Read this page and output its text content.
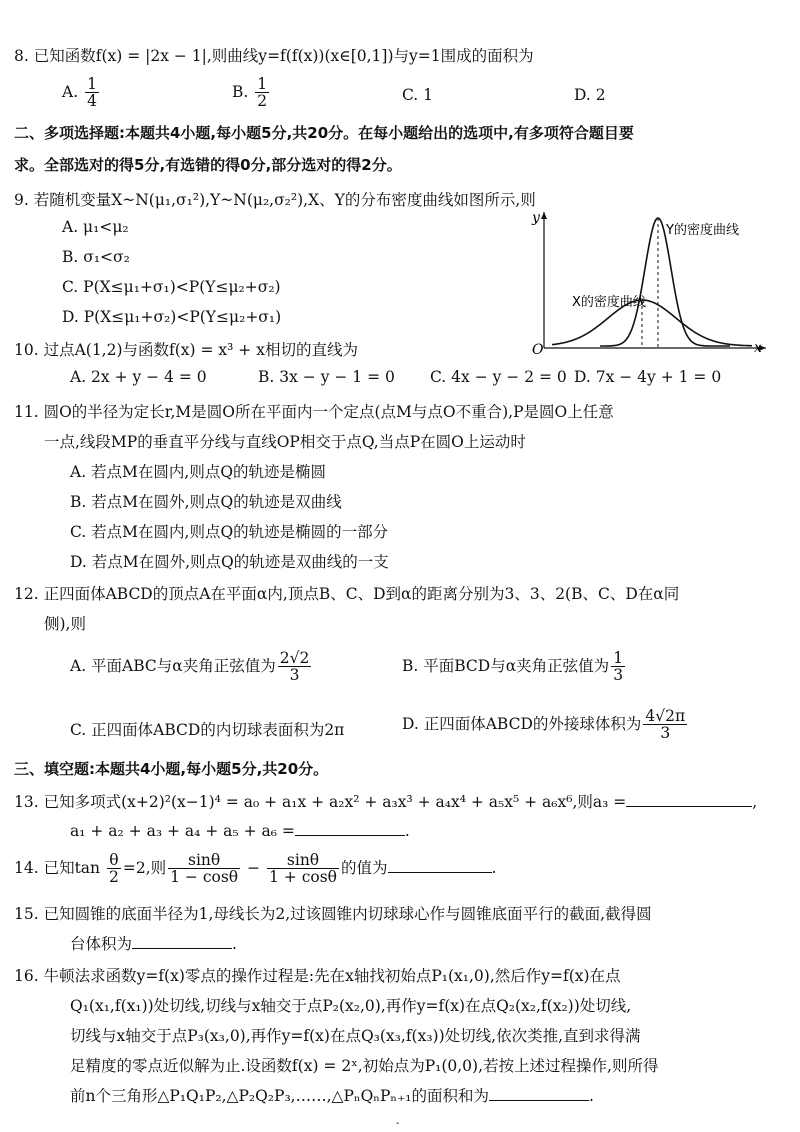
8. 已知函数f(x) = |2x − 1|,则曲线y=f(f(x))(x∈[0,1])与y=1围成的面积为
A. $\frac{1}{4}$	B. $\frac{1}{2}$	C. 1	D. 2
二、多项选择题:本题共4小题,每小题5分,共20分。在每小题给出的选项中,有多项符合题目要
求。全部选对的得5分,有选错的得0分,部分选对的得2分。
9. 若随机变量X~N(μ₁,σ₁²),Y~N(μ₂,σ₂²),X、Y的分布密度曲线如图所示,则
A. μ₁<μ₂
B. σ₁<σ₂
C. P(X≤μ₁+σ₁)<P(Y≤μ₂+σ₂)
D. P(X≤μ₁+σ₂)<P(Y≤μ₂+σ₁)
y
x
O
Y的密度曲线
X的密度曲线
10. 过点A(1,2)与函数f(x) = x³ + x相切的直线为
A. 2x + y − 4 = 0	B. 3x − y − 1 = 0 C. 4x − y − 2 = 0 D. 7x − 4y + 1 = 0
11. 圆O的半径为定长r,M是圆O所在平面内一个定点(点M与点O不重合),P是圆O上任意
一点,线段MP的垂直平分线与直线OP相交于点Q,当点P在圆O上运动时
A. 若点M在圆内,则点Q的轨迹是椭圆
B. 若点M在圆外,则点Q的轨迹是双曲线
C. 若点M在圆内,则点Q的轨迹是椭圆的一部分
D. 若点M在圆外,则点Q的轨迹是双曲线的一支
12. 正四面体ABCD的顶点A在平面α内,顶点B、C、D到α的距离分别为3、3、2(B、C、D在α同
侧),则
A. 平面ABC与α夹角正弦值为 $\frac{2√2}{3}$	B. 平面BCD与α夹角正弦值为 $\frac{1}{3}$
C. 正四面体ABCD的内切球表面积为2π	D. 正四面体ABCD的外接球体积为 $\frac{4√2\pi}{3}$
三、填空题:本题共4小题,每小题5分,共20分。
13. 已知多项式(x+2)²(x−1)⁴ = a₀ + a₁x + a₂x² + a₃x³ + a₄x⁴ + a₅x⁵ + a₆x⁶,则a₃ =	,
a₁ + a₂ + a₃ + a₄ + a₅ + a₆ =	.
14. 已知$\tan \frac{\theta}{2} =2$,则 $\frac{\sin\theta}{1 - \cos\theta} - \frac{\sin\theta}{1 + \cos\theta}$ 的值为	.
15. 已知圆锥的底面半径为1,母线长为2,过该圆锥内切球球心作与圆锥底面平行的截面,截得圆
台体积为	.
16. 牛顿法求函数y=f(x)零点的操作过程是:先在x轴找初始点P₁(x₁,0),然后作y=f(x)在点
Q₁(x₁,f(x₁))处切线,切线与x轴交于点P₂(x₂,0),再作y=f(x)在点Q₂(x₂,f(x₂))处切线,
切线与x轴交于点P₃(x₃,0),再作y=f(x)在点Q₃(x₃,f(x₃))处切线,依次类推,直到求得满
足精度的零点近似解为止.设函数f(x) = 2ˣ,初始点为P₁(0,0),若按上述过程操作,则所得
前n个三角形△P₁Q₁P₂,△P₂Q₂P₃,……,△PₙQₙPₙ₊₁的面积和为	.
-
